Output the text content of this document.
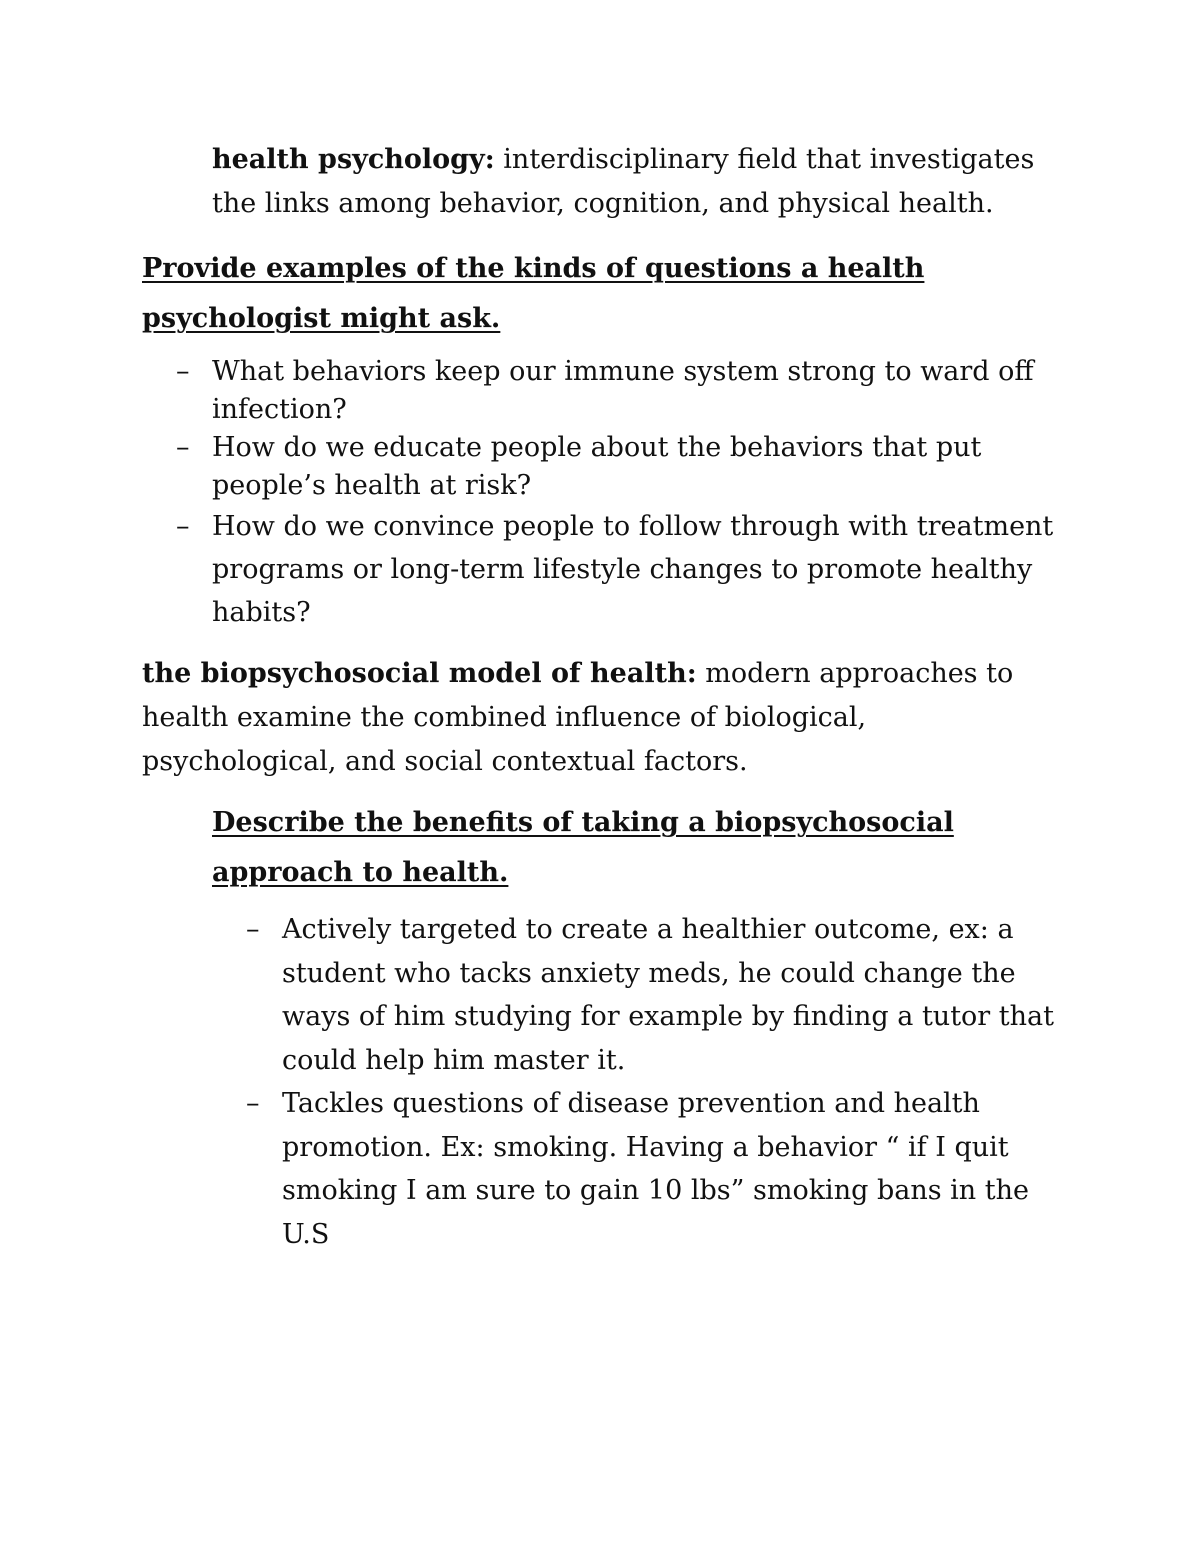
health psychology: interdisciplinary field that investigates the links among behavior, cognition, and physical health.

Provide examples of the kinds of questions a health psychologist might ask.

– What behaviors keep our immune system strong to ward off infection?
– How do we educate people about the behaviors that put people’s health at risk?
– How do we convince people to follow through with treatment programs or long-term lifestyle changes to promote healthy habits?

the biopsychosocial model of health: modern approaches to health examine the combined influence of biological, psychological, and social contextual factors.

Describe the benefits of taking a biopsychosocial approach to health.

– Actively targeted to create a healthier outcome, ex: a student who tacks anxiety meds, he could change the ways of him studying for example by finding a tutor that could help him master it.
– Tackles questions of disease prevention and health promotion. Ex: smoking. Having a behavior “ if I quit smoking I am sure to gain 10 lbs” smoking bans in the U.S
